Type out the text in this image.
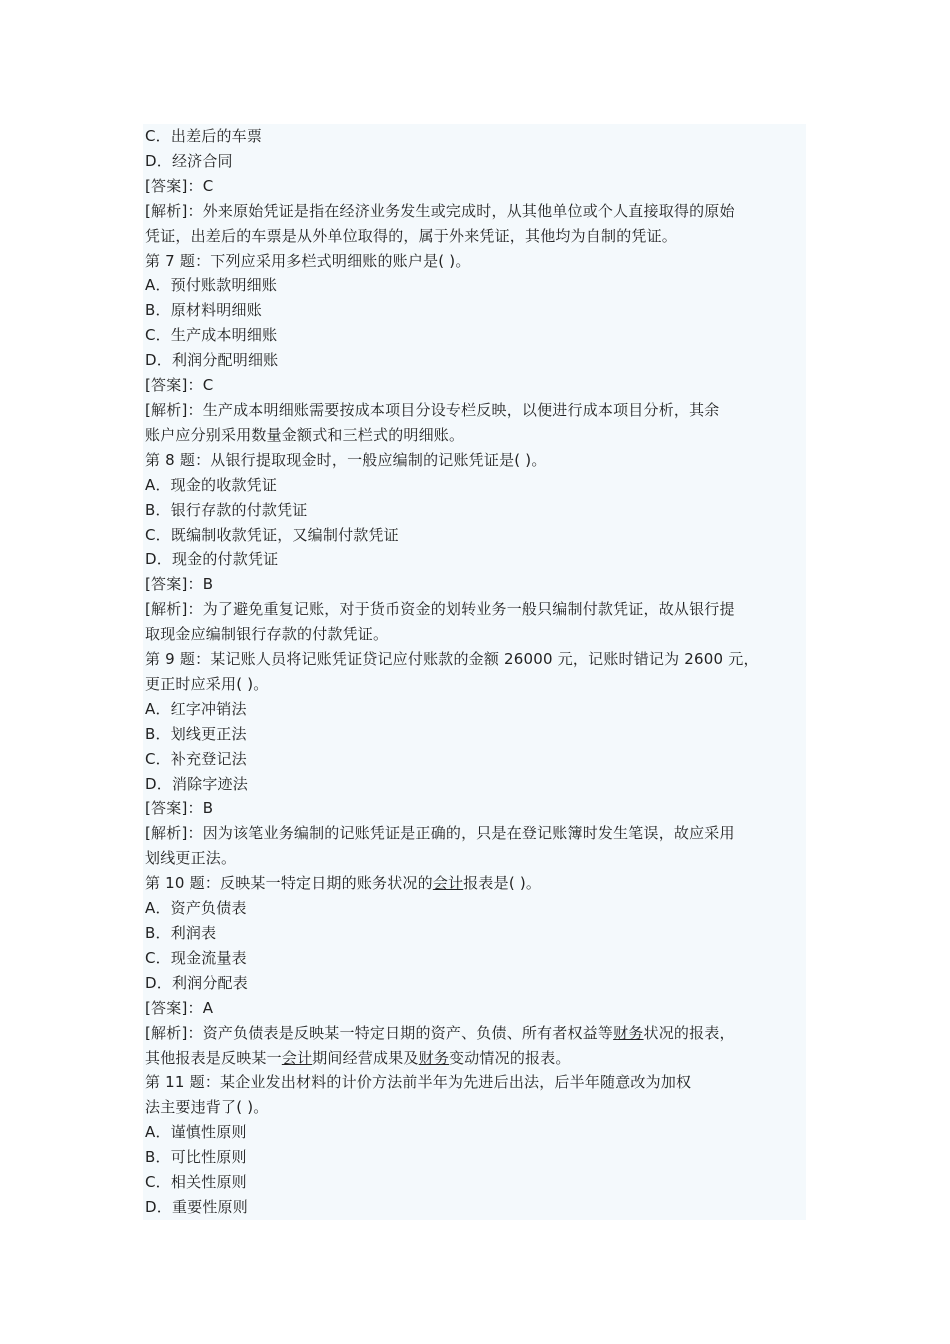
C．出差后的车票
D．经济合同
[答案]：C
[解析]：外来原始凭证是指在经济业务发生或完成时，从其他单位或个人直接取得的原始
凭证，出差后的车票是从外单位取得的，属于外来凭证，其他均为自制的凭证。
第 7 题：下列应采用多栏式明细账的账户是( )。
A．预付账款明细账
B．原材料明细账
C．生产成本明细账
D．利润分配明细账
[答案]：C
[解析]：生产成本明细账需要按成本项目分设专栏反映，以便进行成本项目分析，其余
账户应分别采用数量金额式和三栏式的明细账。
第 8 题：从银行提取现金时，一般应编制的记账凭证是( )。
A．现金的收款凭证
B．银行存款的付款凭证
C．既编制收款凭证，又编制付款凭证
D．现金的付款凭证
[答案]：B
[解析]：为了避免重复记账，对于货币资金的划转业务一般只编制付款凭证，故从银行提
取现金应编制银行存款的付款凭证。
第 9 题：某记账人员将记账凭证贷记应付账款的金额 26000 元，记账时错记为 2600 元，
更正时应采用( )。
A．红字冲销法
B．划线更正法
C．补充登记法
D．消除字迹法
[答案]：B
[解析]：因为该笔业务编制的记账凭证是正确的，只是在登记账簿时发生笔误，故应采用
划线更正法。
第 10 题：反映某一特定日期的账务状况的会计报表是( )。
A．资产负债表
B．利润表
C．现金流量表
D．利润分配表
[答案]：A
[解析]：资产负债表是反映某一特定日期的资产、负债、所有者权益等财务状况的报表，
其他报表是反映某一会计期间经营成果及财务变动情况的报表。
第 11 题：某企业发出材料的计价方法前半年为先进后出法，后半年随意改为加权
法主要违背了( )。
A．谨慎性原则
B．可比性原则
C．相关性原则
D．重要性原则
